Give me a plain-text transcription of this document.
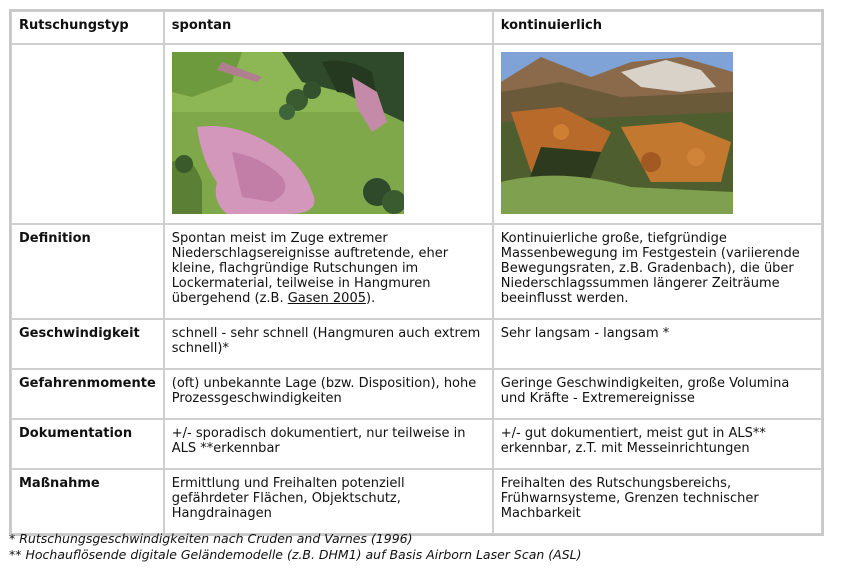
Rutschungstyp	spontan	kontinuierlich

Definition	Spontan meist im Zuge extremer Niederschlagsereignisse auftretende, eher kleine, flachgründige Rutschungen im Lockermaterial, teilweise in Hangmuren übergehend (z.B. Gasen 2005).	Kontinuierliche große, tiefgründige Massenbewegung im Festgestein (variierende Bewegungsraten, z.B. Gradenbach), die über Niederschlagssummen längerer Zeiträume beeinflusst werden.
Geschwindigkeit	schnell - sehr schnell (Hangmuren auch extrem schnell)*	Sehr langsam - langsam *
Gefahrenmomente	(oft) unbekannte Lage (bzw. Disposition), hohe Prozessgeschwindigkeiten	Geringe Geschwindigkeiten, große Volumina und Kräfte - Extremereignisse
Dokumentation	+/- sporadisch dokumentiert, nur teilweise in ALS **erkennbar	+/- gut dokumentiert, meist gut in ALS** erkennbar, z.T. mit Messeinrichtungen
Maßnahme	Ermittlung und Freihalten potenziell gefährdeter Flächen, Objektschutz, Hangdrainagen	Freihalten des Rutschungsbereichs, Frühwarnsysteme, Grenzen technischer Machbarkeit
* Rutschungsgeschwindigkeiten nach Cruden and Varnes (1996)
** Hochauflösende digitale Geländemodelle (z.B. DHM1) auf Basis Airborn Laser Scan (ASL)
